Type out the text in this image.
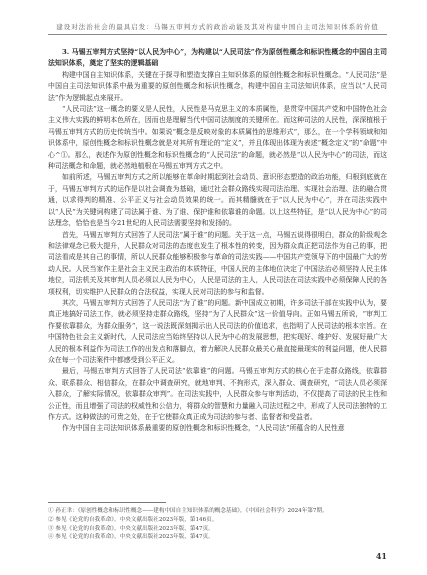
建设对法治社会的最具启发：马锡五审判方式的政治动能及其对构建中国自主司法知识体系的价值

3. 马锡五审判方式坚持“以人民为中心”，为构建以“人民司法”作为原创性概念和标识性概念的中国自主司法知识体系，奠定了坚实的逻辑基础

构建中国自主知识体系，关键在于探寻和塑造支撑自主知识体系的原创性概念和标识性概念。“人民司法”是中国自主司法知识体系中最为重要的原创性概念和标识性概念，构建中国自主司法知识体系，应当以“人民司法”作为逻辑起点来展开。

“人民司法”这一概念的要义是人民性，人民性是马克思主义的本质属性，是贯穿中国共产党和中国特色社会主义伟大实践的鲜明本色所在，因而也是理解当代中国司法制度的关键所在。而这种司法的人民性，深深植根于马锡五审判方式的历史传统当中。如果说“概念是反映对象的本质属性的思维形式”，那么，在一个学科领域和知识体系中，原创性概念和标识性概念就是对其所有理论的“定义”，并且体现出体现为表述“概念定义”的“命题”中心^①。那么，表述作为原创性概念和标识性概念的“人民司法”的命题，就必然是“以人民为中心”的司法，而这种司法概念和命题，就必然地植根在马锡五审判方式之中。

如前所述，马锡五审判方式之所以能够在革命时期起到社会动员、意识形态塑造的政治功能，归根到底就在于，马锡五审判方式的运作是以社会调查为基础，通过社会群众路线实现司法治理、实现社会治理、法的融合贯通，以求得判的精准、公平正义与社会动员效果的统一。而其精髓就在于“以人民为中心”，并在司法实践中以“人民”为关键词构建了司法属于谁、为了谁、保护谁和依靠谁的命题。以上这些特征，是“以人民为中心”的司法理念，恰恰也是当今21世纪的人民司法需要坚持和发扬的。

首先，马锡五审判方式回答了人民司法“属于谁”的问题。关于这一点，马锡五说得很明白，群众的阶级观念和法律观念已极大提升，人民群众对司法的态度也发生了根本性的转变，因为群众真正把司法作为自己的事，把司法看成是其自己的事情，所以人民群众能够积极参与革命的司法实践——中国共产党领导下的中国最广大的劳动人民。人民当家作主是社会主义民主政治的本质特征，中国人民的主体地位决定了中国法治必须坚持人民主体地位，司法机关及其审判人员必须以人民为中心，人民是司法的主人，人民司法在司法实践中必须保障人民的各项权利，切实维护人民群众的合法权益，实现人民对司法的参与和监督。

其次，马锡五审判方式回答了人民司法“为了谁”的问题。新中国成立初期，许多司法干部在实践中认为，要真正地搞好司法工作，就必须坚持走群众路线，坚持“为了人民群众”这一价值导向。正如马锡五所说，“审判工作要依靠群众，为群众服务”，这一说法既深刻揭示出人民司法的价值追求，也指明了人民司法的根本宗旨。在中国特色社会主义新时代，人民司法应当始终坚持以人民为中心的发展思想，把实现好、维护好、发展好最广大人民的根本利益作为司法工作的出发点和落脚点，着力解决人民群众最关心最直接最现实的利益问题，使人民群众在每一个司法案件中都感受到公平正义。

最后，马锡五审判方式回答了人民司法“依靠谁”的问题。马锡五审判方式的核心在于走群众路线，依靠群众、联系群众、相信群众，在群众中调查研究，就地审判、不拘形式，深入群众、调查研究，“司法人员必须深入群众，了解实际情况，依靠群众审判”。在司法实践中，人民群众参与审判活动，不仅提高了司法的民主性和公正性，而且增强了司法的权威性和公信力，将群众的智慧和力量融入司法过程之中，形成了人民司法独特的工作方式。这种做法的可贵之处，在于它使群众真正成为司法的参与者、监督者和受益者。

作为中国自主司法知识体系最重要的原创性概念和标识性概念，“人民司法”所蕴含的人民性意

① 孙正聿：《原创性概念和标识性概念——建构中国自主知识体系的概念基础》，《中国社会科学》2024年第7期。
② 参见《论党的自我革命》，中央文献出版社2023年版，第146页。
③ 参见《论党的自我革命》，中央文献出版社2023年版，第47页。
④ 参见《论党的自我革命》，中央文献出版社2023年版，第47页。
41
